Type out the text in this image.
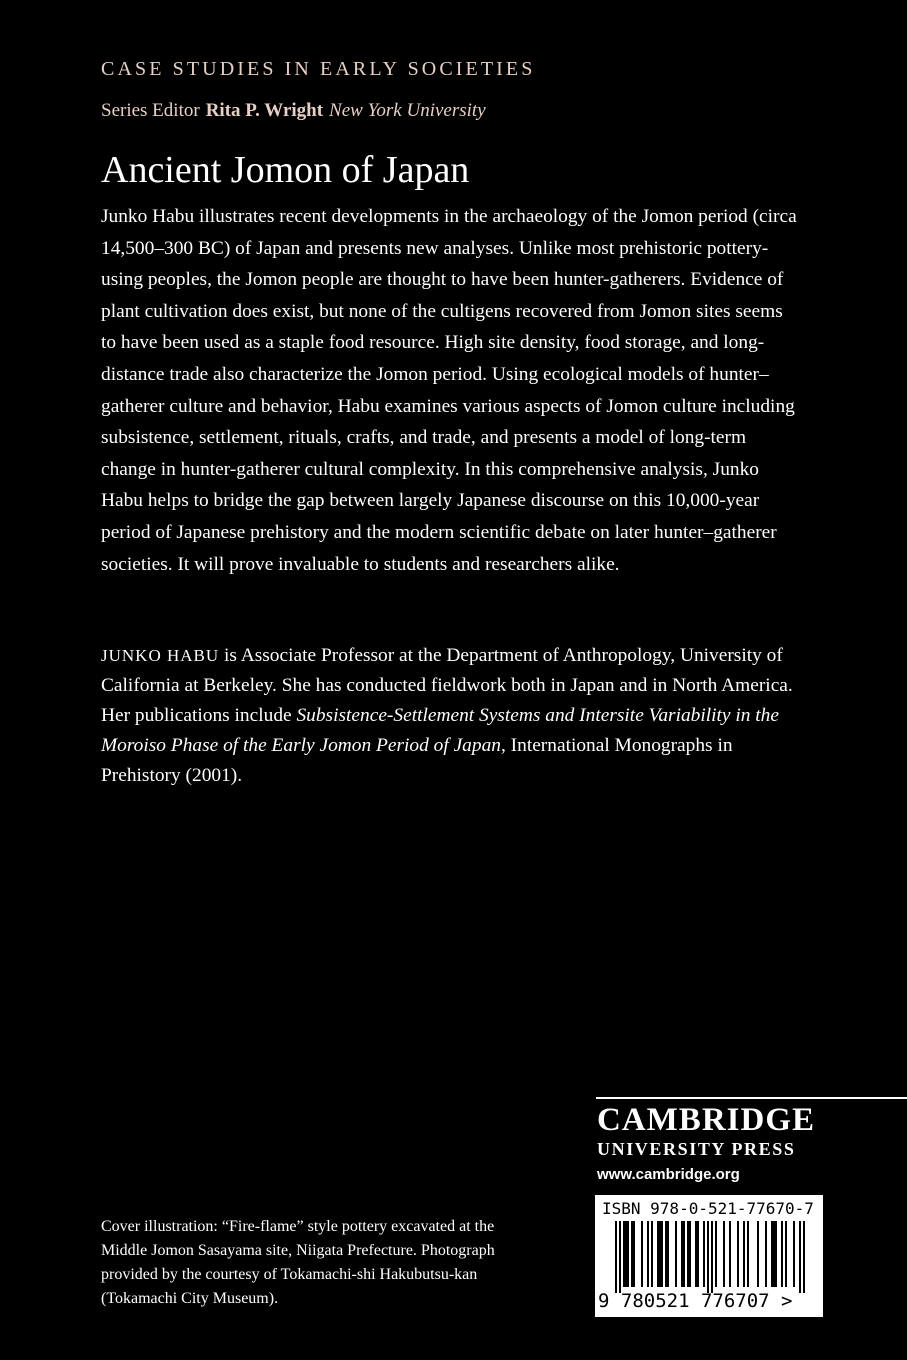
CASE STUDIES IN EARLY SOCIETIES
Series Editor Rita P. Wright New York University
Ancient Jomon of Japan

Junko Habu illustrates recent developments in the archaeology of the Jomon period (circa 14,500–300 BC) of Japan and presents new analyses. Unlike most prehistoric pottery-using peoples, the Jomon people are thought to have been hunter-gatherers. Evidence of plant cultivation does exist, but none of the cultigens recovered from Jomon sites seems to have been used as a staple food resource. High site density, food storage, and long-distance trade also characterize the Jomon period. Using ecological models of hunter–gatherer culture and behavior, Habu examines various aspects of Jomon culture including subsistence, settlement, rituals, crafts, and trade, and presents a model of long-term change in hunter-gatherer cultural complexity. In this comprehensive analysis, Junko Habu helps to bridge the gap between largely Japanese discourse on this 10,000-year period of Japanese prehistory and the modern scientific debate on later hunter–gatherer societies. It will prove invaluable to students and researchers alike.

JUNKO HABU is Associate Professor at the Department of Anthropology, University of California at Berkeley. She has conducted fieldwork both in Japan and in North America. Her publications include Subsistence-Settlement Systems and Intersite Variability in the Moroiso Phase of the Early Jomon Period of Japan, International Monographs in Prehistory (2001).

Cover illustration: “Fire-flame” style pottery excavated at the Middle Jomon Sasayama site, Niigata Prefecture. Photograph provided by the courtesy of Tokamachi-shi Hakubutsu-kan (Tokamachi City Museum).

CAMBRIDGE
UNIVERSITY PRESS
www.cambridge.org
ISBN 978-0-521-77670-7
9 780521 776707 >
